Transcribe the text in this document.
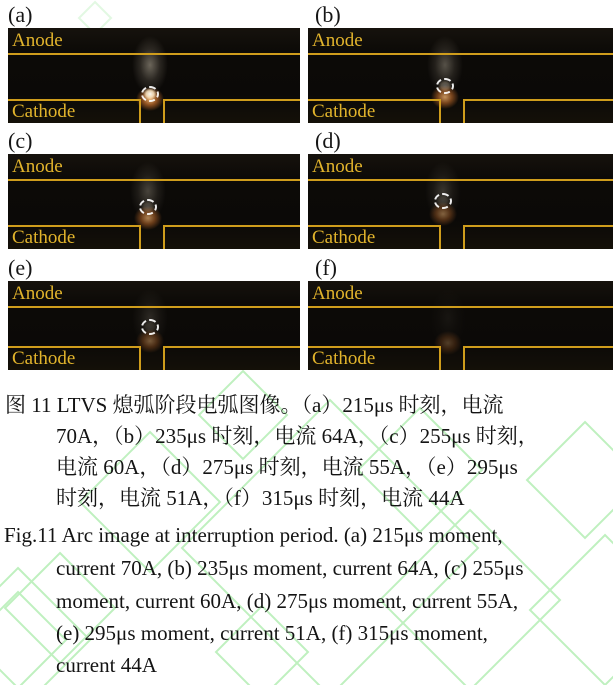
(a)
Anode
Cathode
(b)
Anode
Cathode
(c)
Anode
Cathode
(d)
Anode
Cathode
(e)
Anode
Cathode
(f)
Anode
Cathode
图 11 LTVS 熄弧阶段电弧图像。（a）215μs 时刻，电流
70A，（b）235μs 时刻，电流 64A，（c）255μs 时刻，
电流 60A，（d）275μs 时刻，电流 55A，（e）295μs
时刻，电流 51A，（f）315μs 时刻，电流 44A
Fig.11 Arc image at interruption period. (a) 215μs moment,
current 70A, (b) 235μs moment, current 64A, (c) 255μs
moment, current 60A, (d) 275μs moment, current 55A,
(e) 295μs moment, current 51A, (f) 315μs moment,
current 44A
